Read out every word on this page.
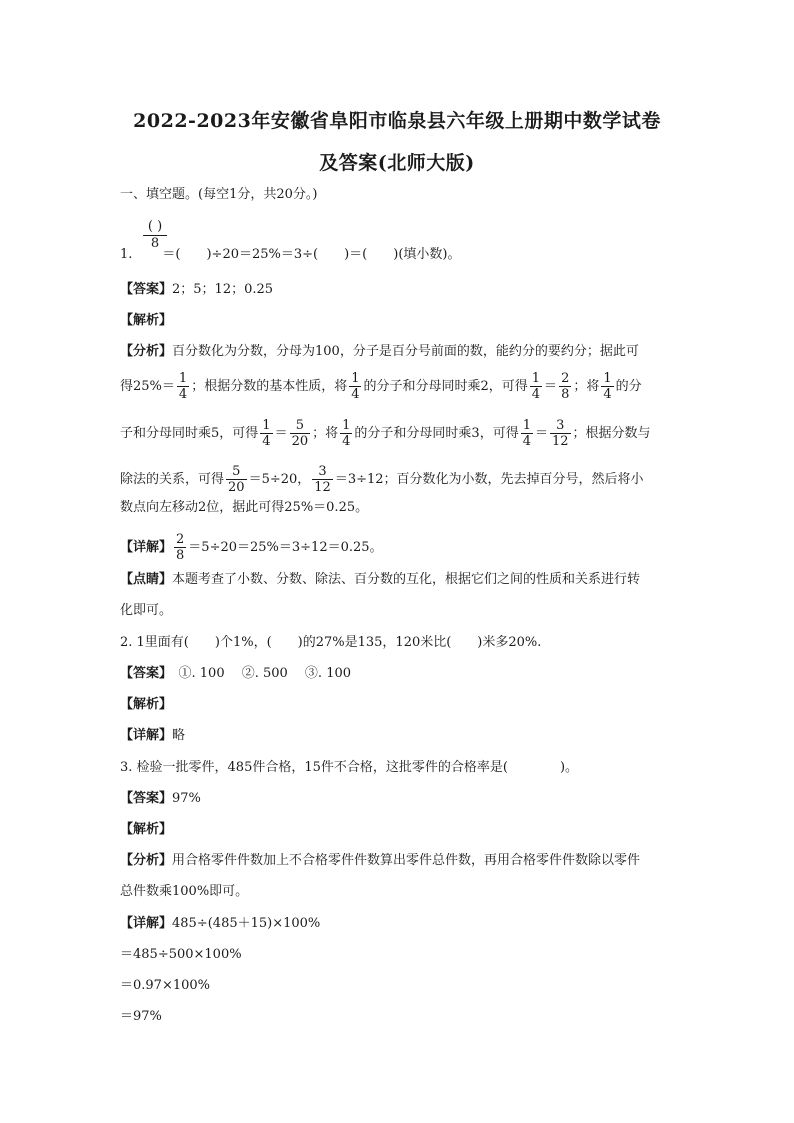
2022-2023年安徽省阜阳市临泉县六年级上册期中数学试卷
及答案(北师大版)
一、填空题。(每空1分，共20分。)
( )
8
1. ＝(　　)÷20＝25%＝3÷(　　)＝(　　)(填小数)。
【答案】2；5；12；0.25
【解析】
【分析】百分数化为分数，分母为100，分子是百分号前面的数，能约分的要约分；据此可
得$25\%= \frac{1}{4}$ ；根据分数的基本性质，将 $\frac{1}{4}$ 的分子和分母同时乘2，可得 $\frac{1}{4} = \frac{2}{8}$ ；将 $\frac{1}{4}$ 的分
子和分母同时乘5，可得 $\frac{1}{4} = \frac{5}{20}$ ；将 $\frac{1}{4}$ 的分子和分母同时乘3，可得 $\frac{1}{4} = \frac{3}{12}$ ；根据分数与
除法的关系，可得 $\frac{5}{20} =5\div 20$， $\frac{3}{12} =3\div 12$；百分数化为小数，先去掉百分号，然后将小
数点向左移动2位，据此可得25%＝0.25。
【详解】 $\frac{2}{8} =5\div 20=25\%=3\div 12=0.25$。
【点睛】本题考查了小数、分数、除法、百分数的互化，根据它们之间的性质和关系进行转
化即可。
2. 1里面有(　　)个1%，(　　)的27%是135，120米比(　　)米多20%.
【答案】　①. 100　 ②. 500　 ③. 100
【解析】
【详解】略
3. 检验一批零件，485件合格，15件不合格，这批零件的合格率是(　　　　)。
【答案】97%
【解析】
【分析】用合格零件件数加上不合格零件件数算出零件总件数，再用合格零件件数除以零件
总件数乘100%即可。
【详解】485÷(485＋15)×100%
＝485÷500×100%
＝0.97×100%
＝97%
